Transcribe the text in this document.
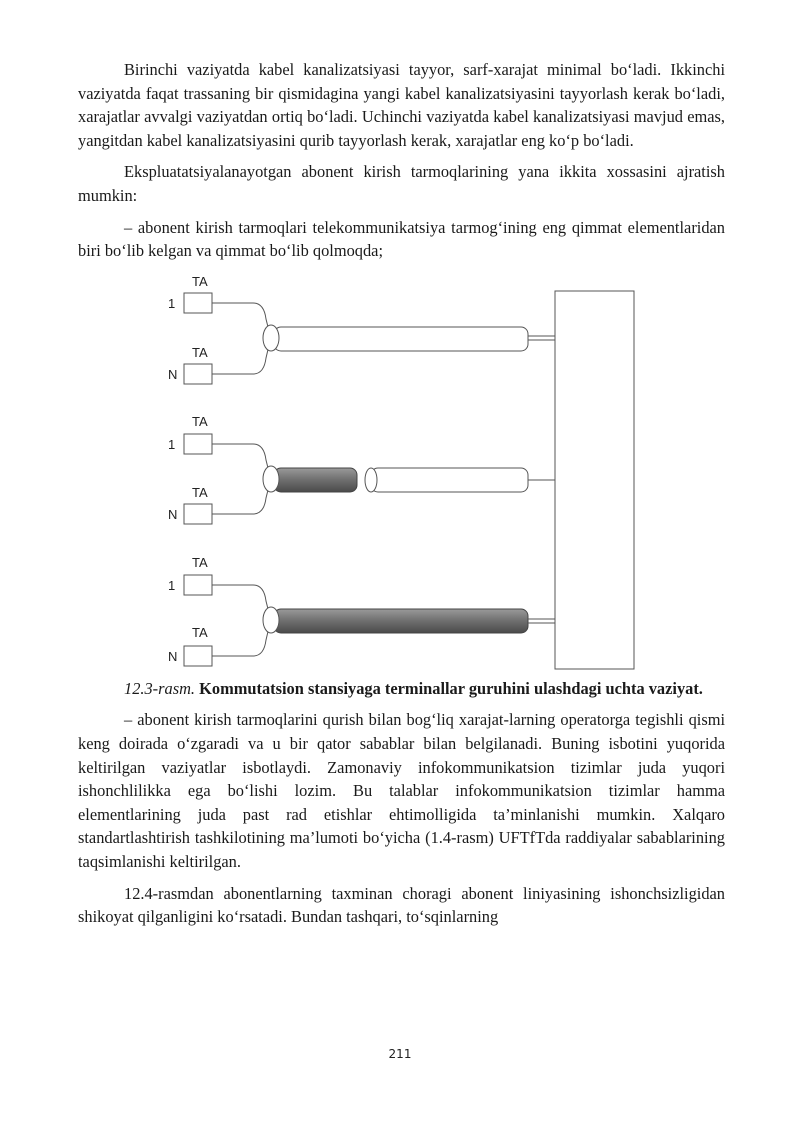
Birinchi vaziyatda kabel kanalizatsiyasi tayyor, sarf-xarajat minimal bo‘ladi. Ikkinchi vaziyatda faqat trassaning bir qismidagina yangi kabel kanalizatsiyasini tayyorlash kerak bo‘ladi, xarajatlar avvalgi vaziyatdan ortiq bo‘ladi. Uchinchi vaziyatda kabel kanalizatsiyasi mavjud emas, yangitdan kabel kanalizatsiyasini qurib tayyorlash kerak, xarajatlar eng ko‘p bo‘ladi.

Ekspluatatsiyalanayotgan abonent kirish tarmoqlarining yana ikkita xossasini ajratish mumkin:

– abonent kirish tarmoqlari telekommunikatsiya tarmog‘ining eng qimmat elementlaridan biri bo‘lib kelgan va qimmat bo‘lib qolmoqda;

TA
1
TA
N
TA
1
TA
N
TA
1
TA
N

12.3-rasm. Kommutatsion stansiyaga terminallar guruhini ulashdagi uchta vaziyat.

– abonent kirish tarmoqlarini qurish bilan bog‘liq xarajat-larning operatorga tegishli qismi keng doirada o‘zgaradi va u bir qator sabablar bilan belgilanadi. Buning isbotini yuqorida keltirilgan vaziyatlar isbotlaydi. Zamonaviy infokommunikatsion tizimlar juda yuqori ishonchlilikka ega bo‘lishi lozim. Bu talablar infokommunikatsion tizimlar hamma elementlarining juda past rad etishlar ehtimolligida ta’minlanishi mumkin. Xalqaro standartlashtirish tashkilotining ma’lumoti bo‘yicha (1.4-rasm) UFTfTda raddiyalar sabablarining taqsimlanishi keltirilgan.

12.4-rasmdan abonentlarning taxminan choragi abonent liniyasining ishonchsizligidan shikoyat qilganligini ko‘rsatadi. Bundan tashqari, to‘sqinlarning

211
